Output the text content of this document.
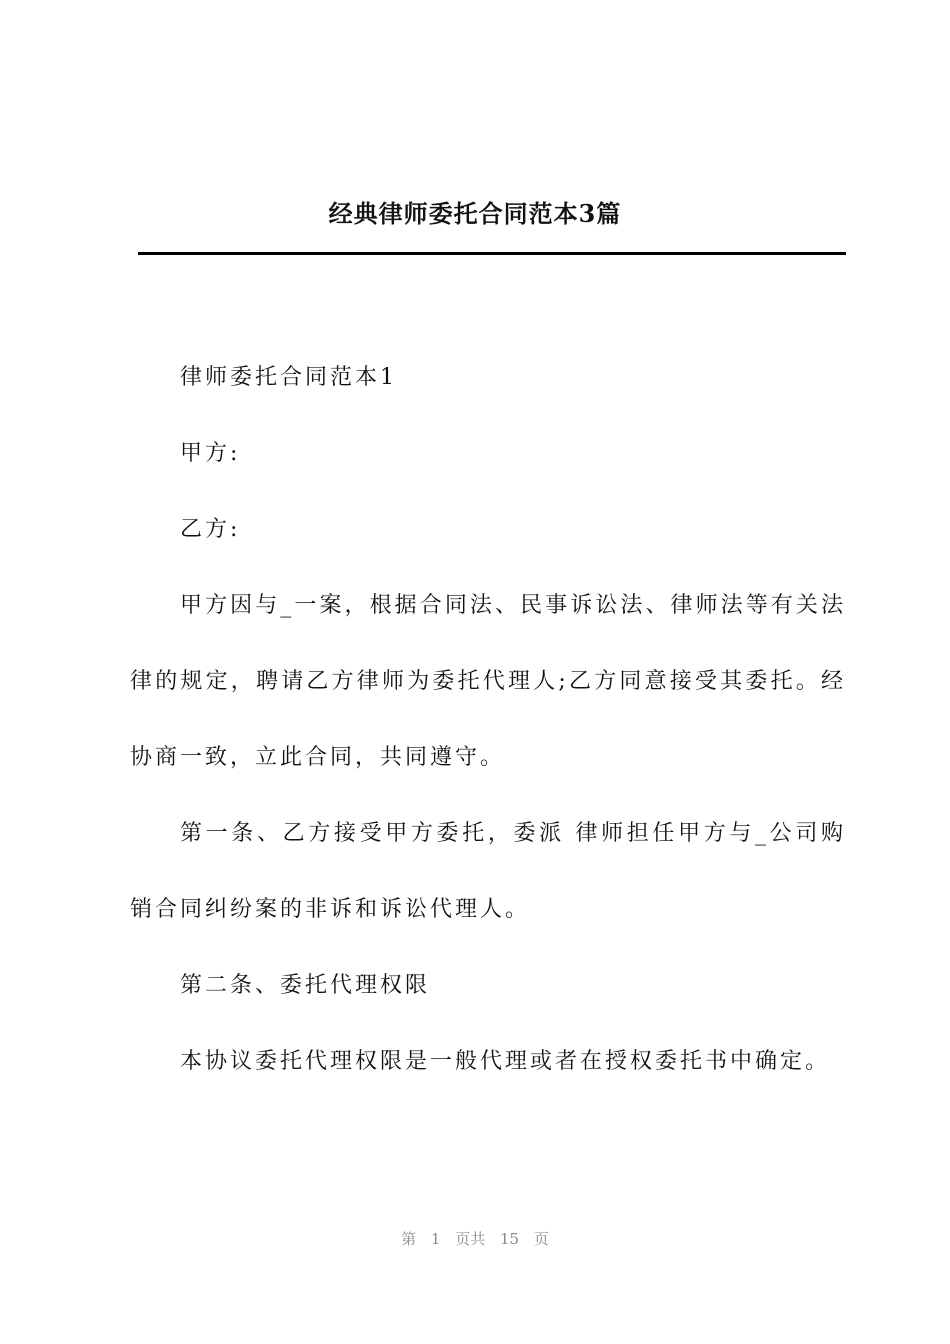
经典律师委托合同范本3篇

律师委托合同范本1

甲方:

乙方:

甲方因与_一案，根据合同法、民事诉讼法、律师法等有关法律的规定，聘请乙方律师为委托代理人;乙方同意接受其委托。经协商一致，立此合同，共同遵守。

第一条、乙方接受甲方委托，委派 律师担任甲方与_公司购销合同纠纷案的非诉和诉讼代理人。

第二条、委托代理权限

本协议委托代理权限是一般代理或者在授权委托书中确定。

第 1 页共 15 页
